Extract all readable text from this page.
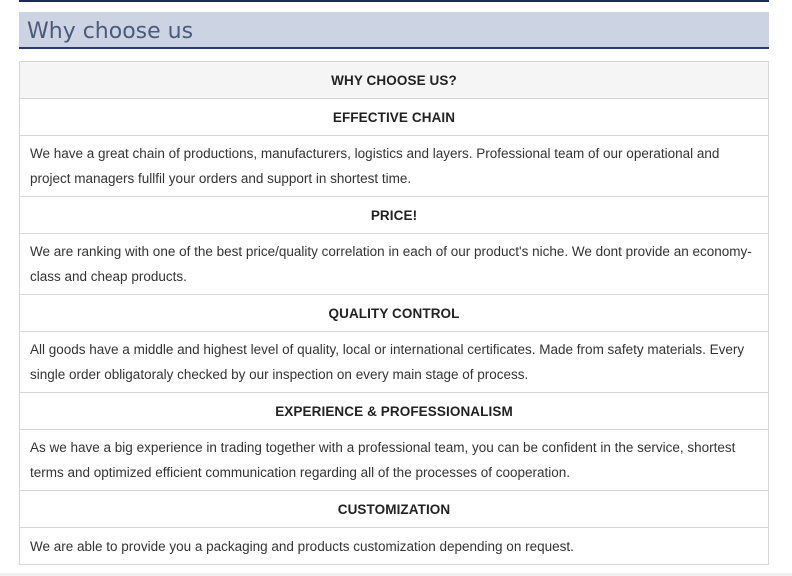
Why choose us
WHY CHOOSE US?
EFFECTIVE CHAIN
We have a great chain of productions, manufacturers, logistics and layers. Professional team of our operational and project managers fullfil your orders and support in shortest time.
PRICE!
We are ranking with one of the best price/quality correlation in each of our product's niche. We dont provide an economy-class and cheap products.
QUALITY CONTROL
All goods have a middle and highest level of quality, local or international certificates. Made from safety materials. Every single order obligatoraly checked by our inspection on every main stage of process.
EXPERIENCE & PROFESSIONALISM
As we have a big experience in trading together with a professional team, you can be confident in the service, shortest terms and optimized efficient communication regarding all of the processes of cooperation.
CUSTOMIZATION
We are able to provide you a packaging and products customization depending on request.
